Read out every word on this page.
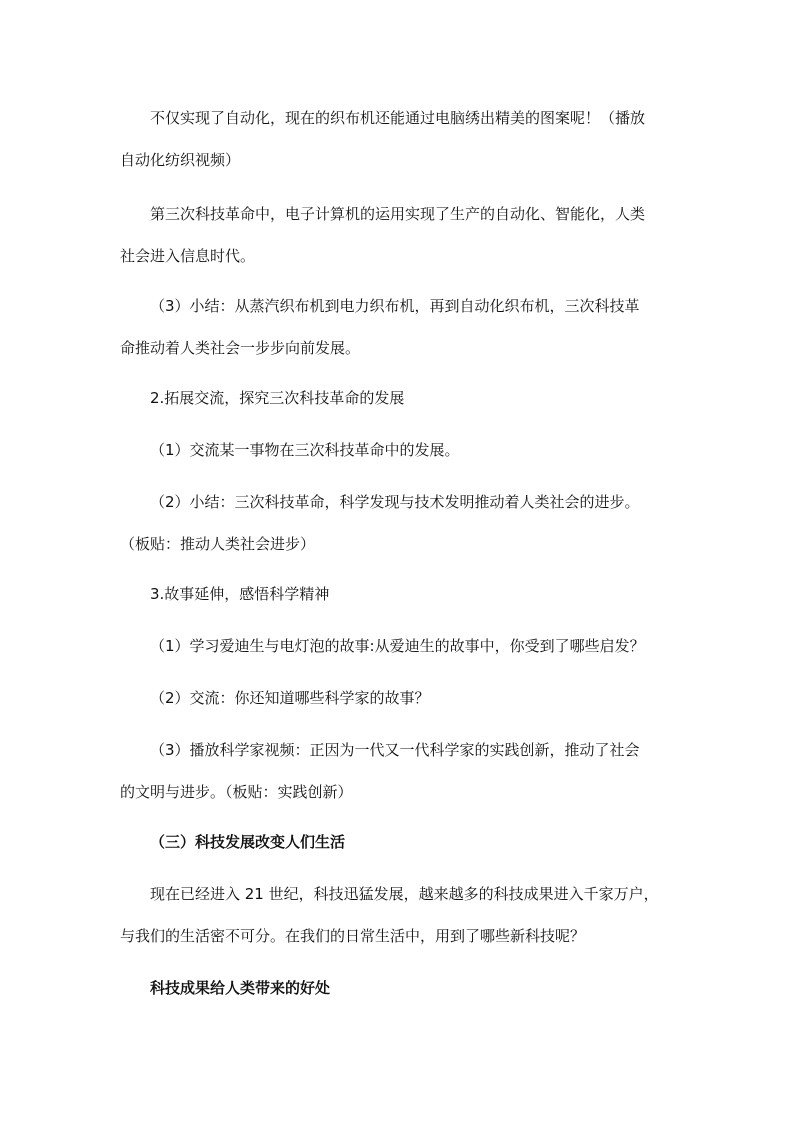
不仅实现了自动化，现在的织布机还能通过电脑绣出精美的图案呢！（播放
自动化纺织视频）
第三次科技革命中，电子计算机的运用实现了生产的自动化、智能化，人类
社会进入信息时代。
（3）小结：从蒸汽织布机到电力织布机，再到自动化织布机，三次科技革
命推动着人类社会一步步向前发展。
2.拓展交流，探究三次科技革命的发展
（1）交流某一事物在三次科技革命中的发展。
（2）小结：三次科技革命，科学发现与技术发明推动着人类社会的进步。
（板贴：推动人类社会进步）
3.故事延伸，感悟科学精神
（1）学习爱迪生与电灯泡的故事:从爱迪生的故事中，你受到了哪些启发？
（2）交流：你还知道哪些科学家的故事？
（3）播放科学家视频：正因为一代又一代科学家的实践创新，推动了社会
的文明与进步。（板贴：实践创新）
（三）科技发展改变人们生活
现在已经进入 21 世纪，科技迅猛发展，越来越多的科技成果进入千家万户，
与我们的生活密不可分。在我们的日常生活中，用到了哪些新科技呢？
科技成果给人类带来的好处
